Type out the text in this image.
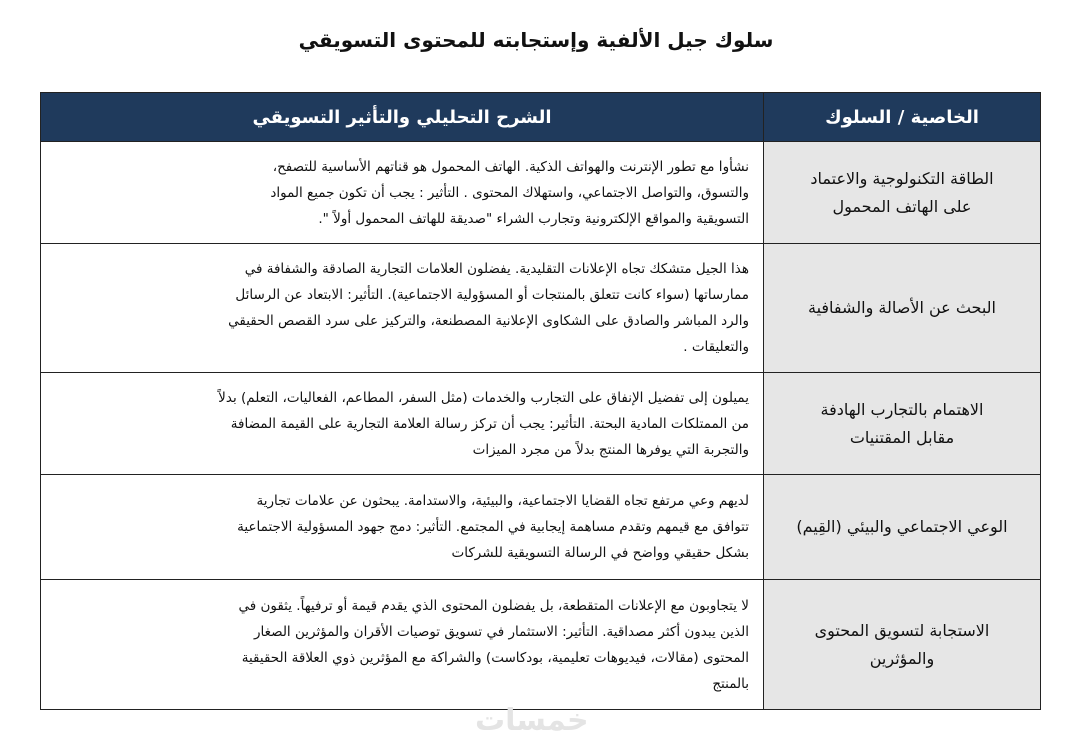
سلوك جيل الألفية وإستجابته للمحتوى التسويقي
الخاصية / السلوك	الشرح التحليلي والتأثير التسويقي

الطاقة التكنولوجية والاعتماد
على الهاتف المحمول	نشأوا مع تطور الإنترنت والهواتف الذكية. الهاتف المحمول هو قناتهم الأساسية للتصفح،
والتسوق، والتواصل الاجتماعي، واستهلاك المحتوى . التأثير : يجب أن تكون جميع المواد
التسويقية والمواقع الإلكترونية وتجارب الشراء "صديقة للهاتف المحمول أولاً ".

البحث عن الأصالة والشفافية	هذا الجيل متشكك تجاه الإعلانات التقليدية. يفضلون العلامات التجارية الصادقة والشفافة في
ممارساتها (سواء كانت تتعلق بالمنتجات أو المسؤولية الاجتماعية). التأثير: الابتعاد عن الرسائل
والرد المباشر والصادق على الشكاوى الإعلانية المصطنعة، والتركيز على سرد القصص الحقيقي
والتعليقات .

الاهتمام بالتجارب الهادفة
مقابل المقتنيات	يميلون إلى تفضيل الإنفاق على التجارب والخدمات (مثل السفر، المطاعم، الفعاليات، التعلم) بدلاً
من الممتلكات المادية البحتة. التأثير: يجب أن تركز رسالة العلامة التجارية على القيمة المضافة
والتجربة التي يوفرها المنتج بدلاً من مجرد الميزات

الوعي الاجتماعي والبيئي (القِيم)	لديهم وعي مرتفع تجاه القضايا الاجتماعية، والبيئية، والاستدامة. يبحثون عن علامات تجارية
تتوافق مع قيمهم وتقدم مساهمة إيجابية في المجتمع. التأثير: دمج جهود المسؤولية الاجتماعية
بشكل حقيقي وواضح في الرسالة التسويقية للشركات

الاستجابة لتسويق المحتوى
والمؤثرين	لا يتجاوبون مع الإعلانات المتقطعة، بل يفضلون المحتوى الذي يقدم قيمة أو ترفيهاً. يثقون في
الذين يبدون أكثر مصداقية. التأثير: الاستثمار في تسويق توصيات الأقران والمؤثرين الصغار
المحتوى (مقالات، فيديوهات تعليمية، بودكاست) والشراكة مع المؤثرين ذوي العلاقة الحقيقية
بالمنتج
خمسات
